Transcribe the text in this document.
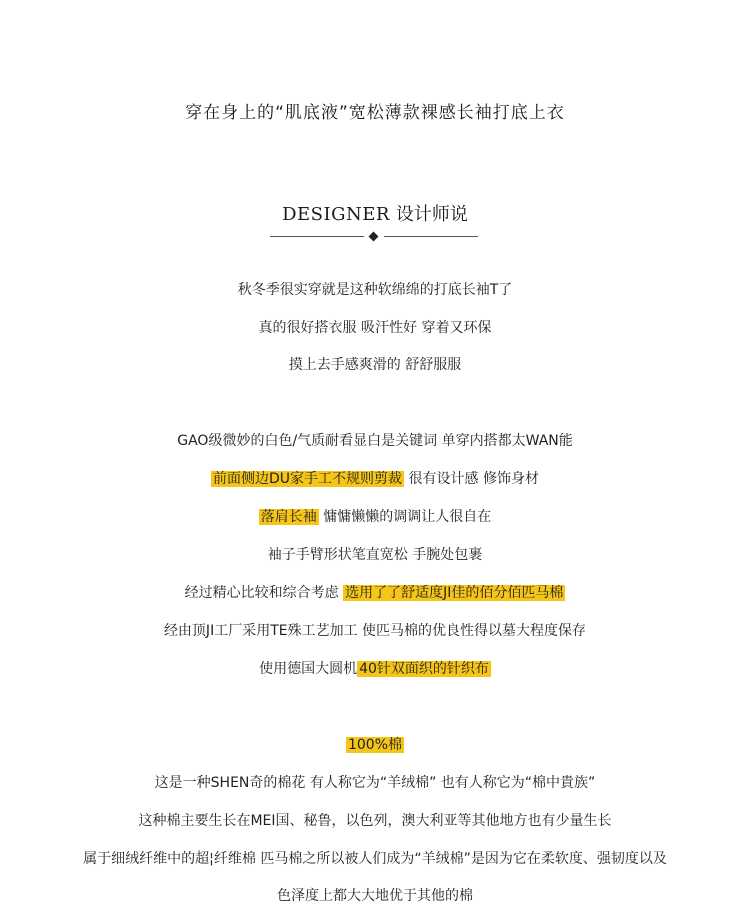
穿在身上的“肌底液”宽松薄款裸感长袖打底上衣
DESIGNER 设计师说
秋冬季很实穿就是这种软绵绵的打底长袖T了
真的很好搭衣服 吸汗性好 穿着又环保
摸上去手感爽滑的 舒舒服服
GAO级微妙的白色/气质耐看显白是关键词 单穿内搭都太WAN能
前面侧边DU家手工不规则剪裁 很有设计感 修饰身材
落肩长袖 慵慵懒懒的调调让人很自在
袖子手臂形状笔直宽松 手腕处包裹
经过精心比较和综合考虑 选用了了舒适度JI佳的佰分佰匹马棉
经由顶JI工厂采用TE殊工艺加工 使匹马棉的优良性得以墓大程度保存
使用德国大圆机 40针双面织的针织布
100%棉
这是一种SHEN奇的棉花 有人称它为“羊绒棉” 也有人称它为“棉中貴族”
这种棉主要生长在MEI国、秘鲁，以色列，澳大利亚等其他地方也有少量生长
属于细绒纤维中的超¦纤维棉 匹马棉之所以被人们成为“羊绒棉”是因为它在柔软度、强韧度以及
色泽度上都大大地优于其他的棉
